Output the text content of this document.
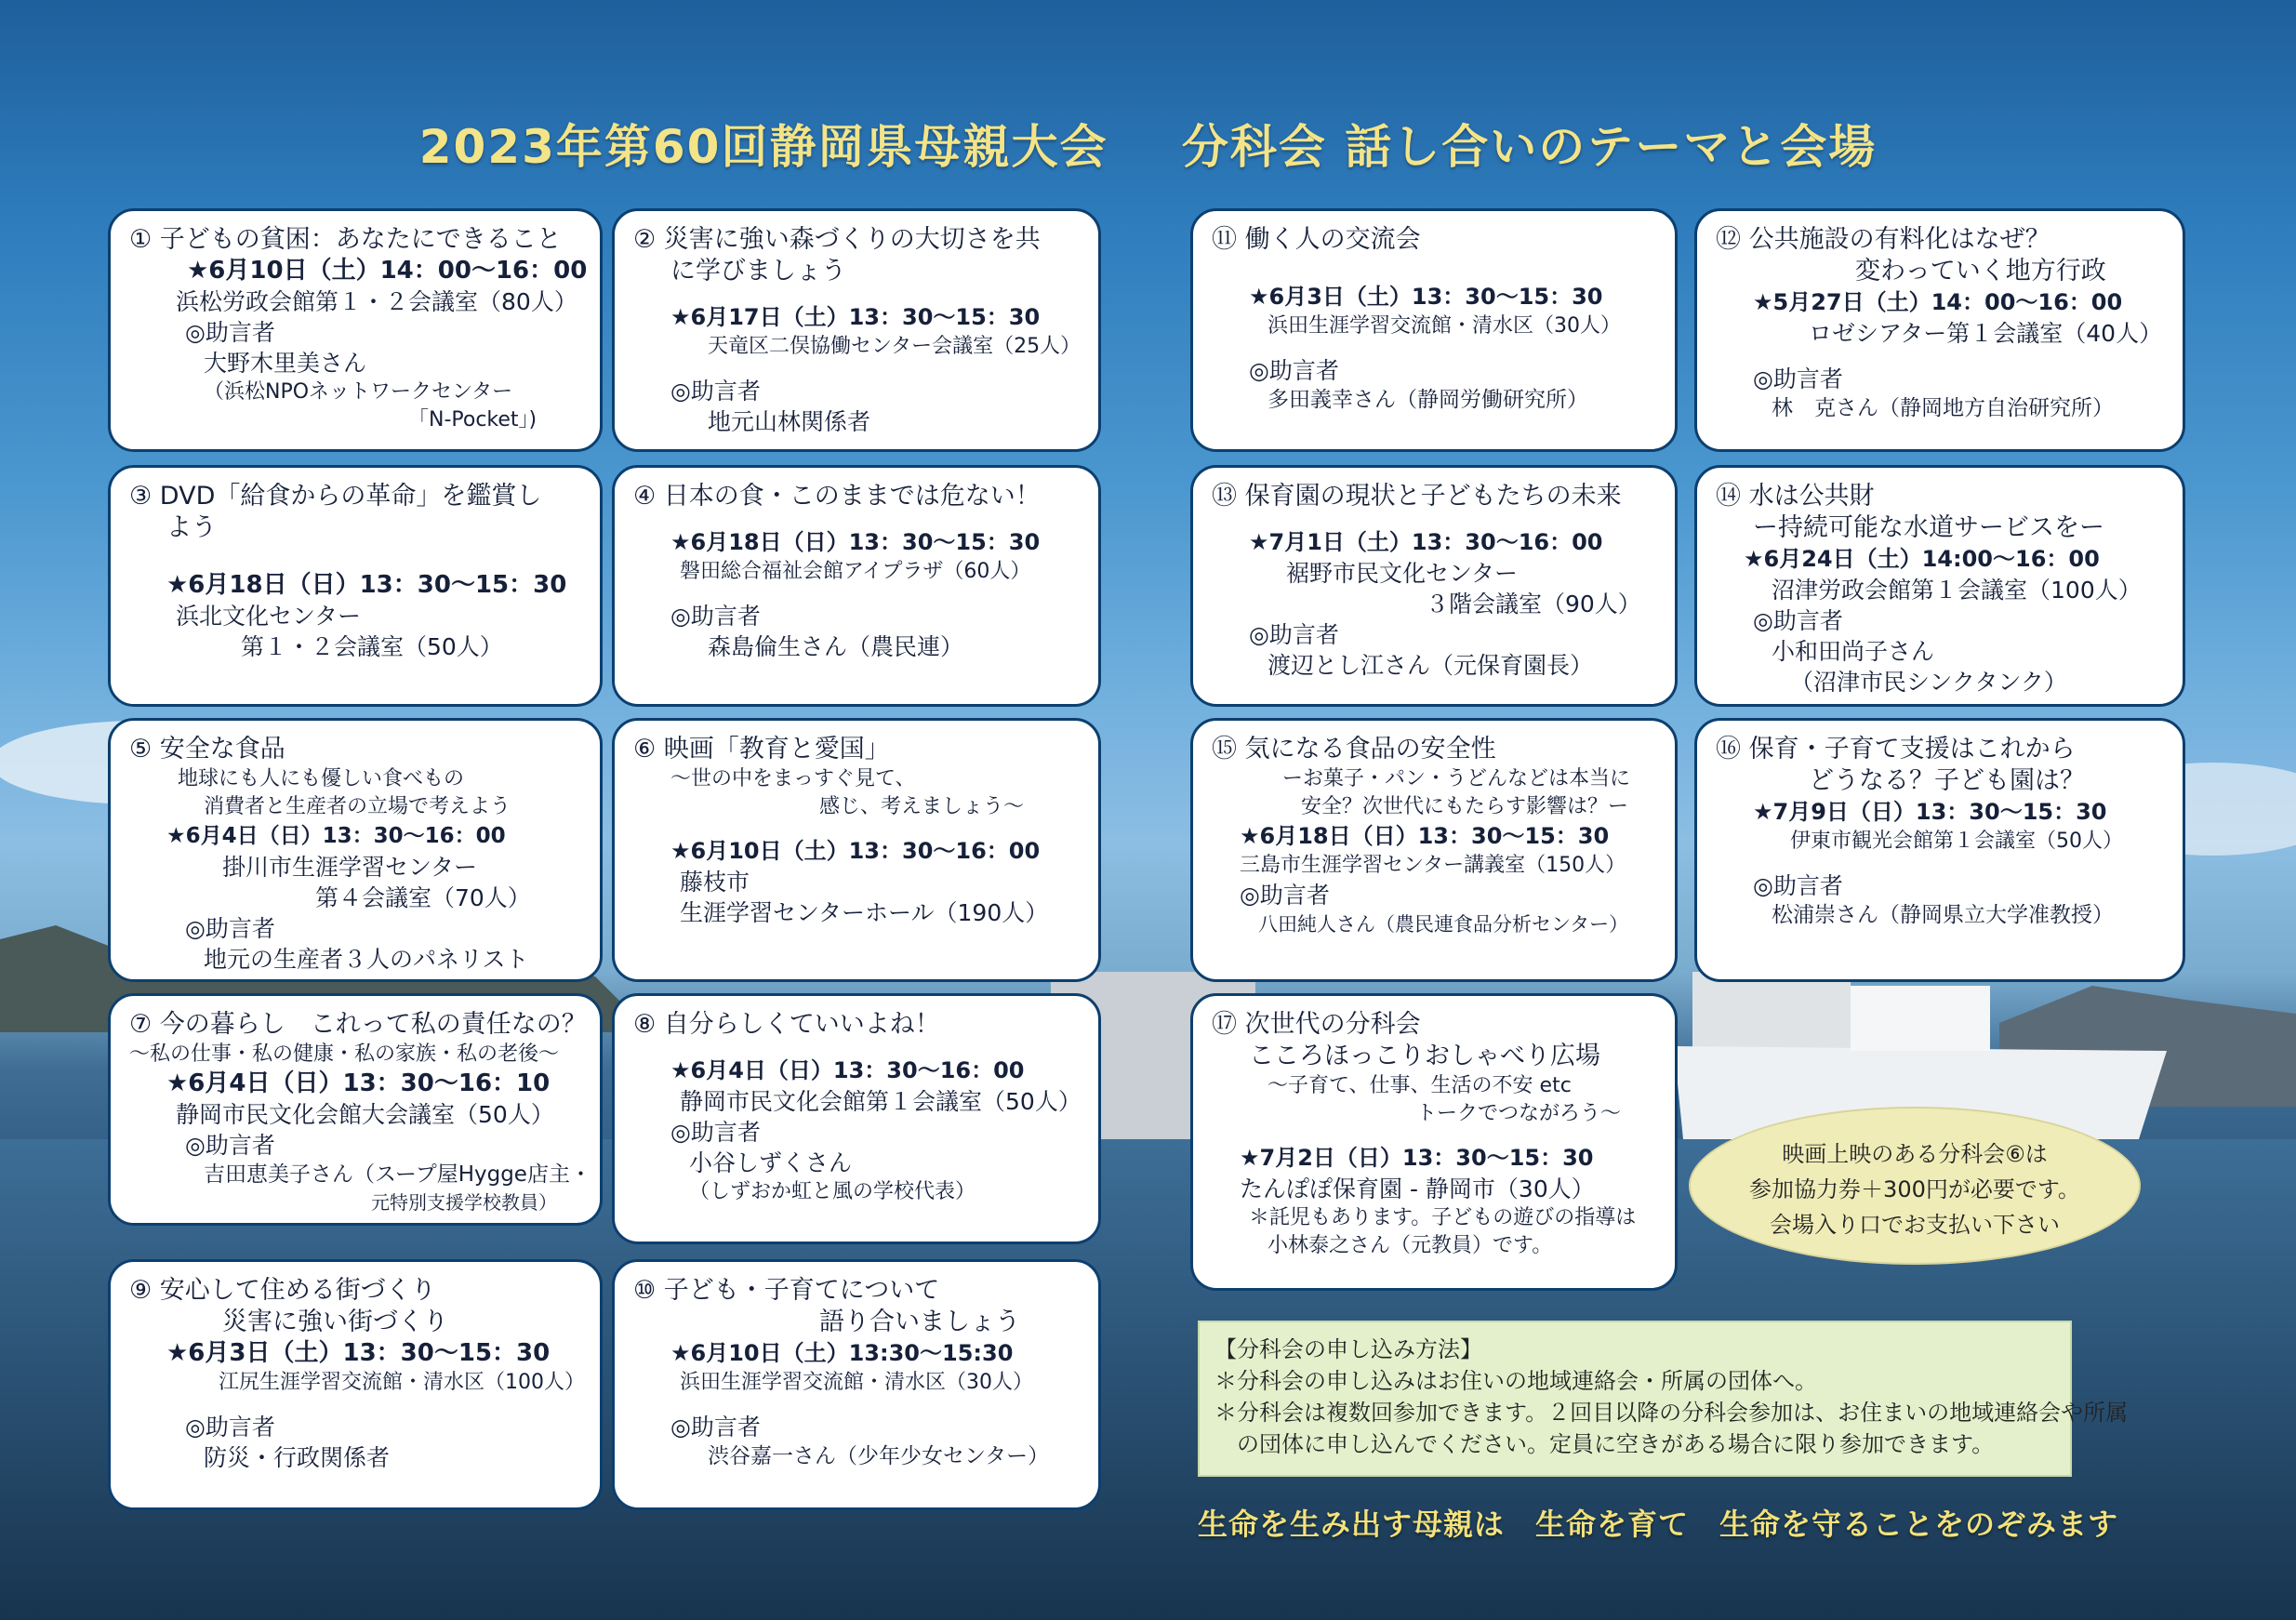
2023年第60回静岡県母親大会 分科会 話し合いのテーマと会場
① 子どもの貧困：あなたにできること
★6月10日（土）14：00〜16：00
浜松労政会館第１・２会議室（80人）
◎助言者
大野木里美さん
（浜松NPOネットワークセンター
「N-Pocket」)
③ DVD「給食からの革命」を鑑賞し
よう
★6月18日（日）13：30〜15：30
浜北文化センター
第１・２会議室（50人）
⑤ 安全な食品
地球にも人にも優しい食べもの
消費者と生産者の立場で考えよう
★6月4日（日）13：30〜16：00
掛川市生涯学習センター
第４会議室（70人）
◎助言者
地元の生産者３人のパネリスト
⑦ 今の暮らし　これって私の責任なの？
〜私の仕事・私の健康・私の家族・私の老後〜
★6月4日（日）13：30〜16：10
静岡市民文化会館大会議室（50人）
◎助言者
吉田恵美子さん（スープ屋Hygge店主・
元特別支援学校教員）
⑨ 安心して住める街づくり
災害に強い街づくり
★6月3日（土）13：30〜15：30
江尻生涯学習交流館・清水区（100人）
◎助言者
防災・行政関係者
② 災害に強い森づくりの大切さを共
に学びましょう
★6月17日（土）13：30〜15：30
天竜区二俣協働センター会議室（25人）
◎助言者
地元山林関係者
④ 日本の食・このままでは危ない！
★6月18日（日）13：30〜15：30
磐田総合福祉会館アイプラザ（60人）
◎助言者
森島倫生さん（農民連）
⑥ 映画「教育と愛国」
〜世の中をまっすぐ見て、
感じ、考えましょう〜
★6月10日（土）13：30〜16：00
藤枝市
生涯学習センターホール（190人）
⑧ 自分らしくていいよね！
★6月4日（日）13：30〜16：00
静岡市民文化会館第１会議室（50人）
◎助言者
小谷しずくさん
（しずおか虹と風の学校代表）
⑩ 子ども・子育てについて
語り合いましょう
★6月10日（土）13:30〜15:30
浜田生涯学習交流館・清水区（30人）
◎助言者
渋谷嘉一さん（少年少女センター）
⑪ 働く人の交流会
★6月3日（土）13：30〜15：30
浜田生涯学習交流館・清水区（30人）
◎助言者
多田義幸さん（静岡労働研究所）
⑬ 保育園の現状と子どもたちの未来
★7月1日（土）13：30〜16：00
裾野市民文化センター
３階会議室（90人）
◎助言者
渡辺とし江さん（元保育園長）
⑮ 気になる食品の安全性
ーお菓子・パン・うどんなどは本当に
安全？次世代にもたらす影響は？ー
★6月18日（日）13：30〜15：30
三島市生涯学習センター講義室（150人）
◎助言者
八田純人さん（農民連食品分析センター）
⑰ 次世代の分科会
こころほっこりおしゃべり広場
〜子育て、仕事、生活の不安 etc
トークでつながろう〜
★7月2日（日）13：30〜15：30
たんぽぽ保育園 - 静岡市（30人）
＊託児もあります。子どもの遊びの指導は
小林泰之さん（元教員）です。
⑫ 公共施設の有料化はなぜ？
変わっていく地方行政
★5月27日（土）14：00〜16：00
ロゼシアター第１会議室（40人）
◎助言者
林　克さん（静岡地方自治研究所）
⑭ 水は公共財
ー持続可能な水道サービスをー
★6月24日（土）14:00〜16：00
沼津労政会館第１会議室（100人）
◎助言者
小和田尚子さん
（沼津市民シンクタンク）
⑯ 保育・子育て支援はこれから
どうなる？子ども園は？
★7月9日（日）13：30〜15：30
伊東市観光会館第１会議室（50人）
◎助言者
松浦崇さん（静岡県立大学准教授）
映画上映のある分科会⑥は
参加協力券＋300円が必要です。
会場入り口でお支払い下さい
【分科会の申し込み方法】
＊分科会の申し込みはお住いの地域連絡会・所属の団体へ。
＊分科会は複数回参加できます。２回目以降の分科会参加は、お住まいの地域連絡会や所属
　の団体に申し込んでください。定員に空きがある場合に限り参加できます。
生命を生み出す母親は　生命を育て　生命を守ることをのぞみます
